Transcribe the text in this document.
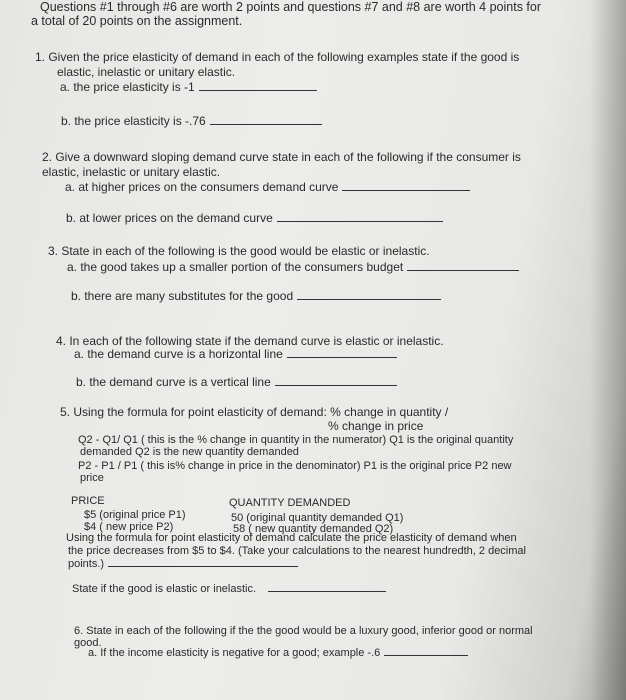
Questions #1 through #6 are worth 2 points and questions #7 and #8 are worth 4 points for
a total of 20 points on the assignment.
1. Given the price elasticity of demand in each of the following examples state if the good is
elastic, inelastic or unitary elastic.
a. the price elasticity is -1
b. the price elasticity is -.76
2. Give a downward sloping demand curve state in each of the following if the consumer is
elastic, inelastic or unitary elastic.
a. at higher prices on the consumers demand curve
b. at lower prices on the demand curve
3. State in each of the following is the good would be elastic or inelastic.
a. the good takes up a smaller portion of the consumers budget
b. there are many substitutes for the good
4. In each of the following state if the demand curve is elastic or inelastic.
a. the demand curve is a horizontal line
b. the demand curve is a vertical line
5. Using the formula for point elasticity of demand: % change in quantity /
% change in price
Q2 - Q1/ Q1 ( this is the % change in quantity in the numerator) Q1 is the original quantity
demanded Q2 is the new quantity demanded
P2 - P1 / P1 ( this is% change in price in the denominator) P1 is the original price P2 new
price
PRICE	QUANTITY DEMANDED
$5 (original price P1)	50 (original quantity demanded Q1)
$4 ( new price P2)	58 ( new quantity demanded Q2)
Using the formula for point elasticity of demand calculate the price elasticity of demand when
the price decreases from $5 to $4. (Take your calculations to the nearest hundredth, 2 decimal
points.)
State if the good is elastic or inelastic.
6. State in each of the following if the the good would be a luxury good, inferior good or normal
good.
a. If the income elasticity is negative for a good; example -.6
